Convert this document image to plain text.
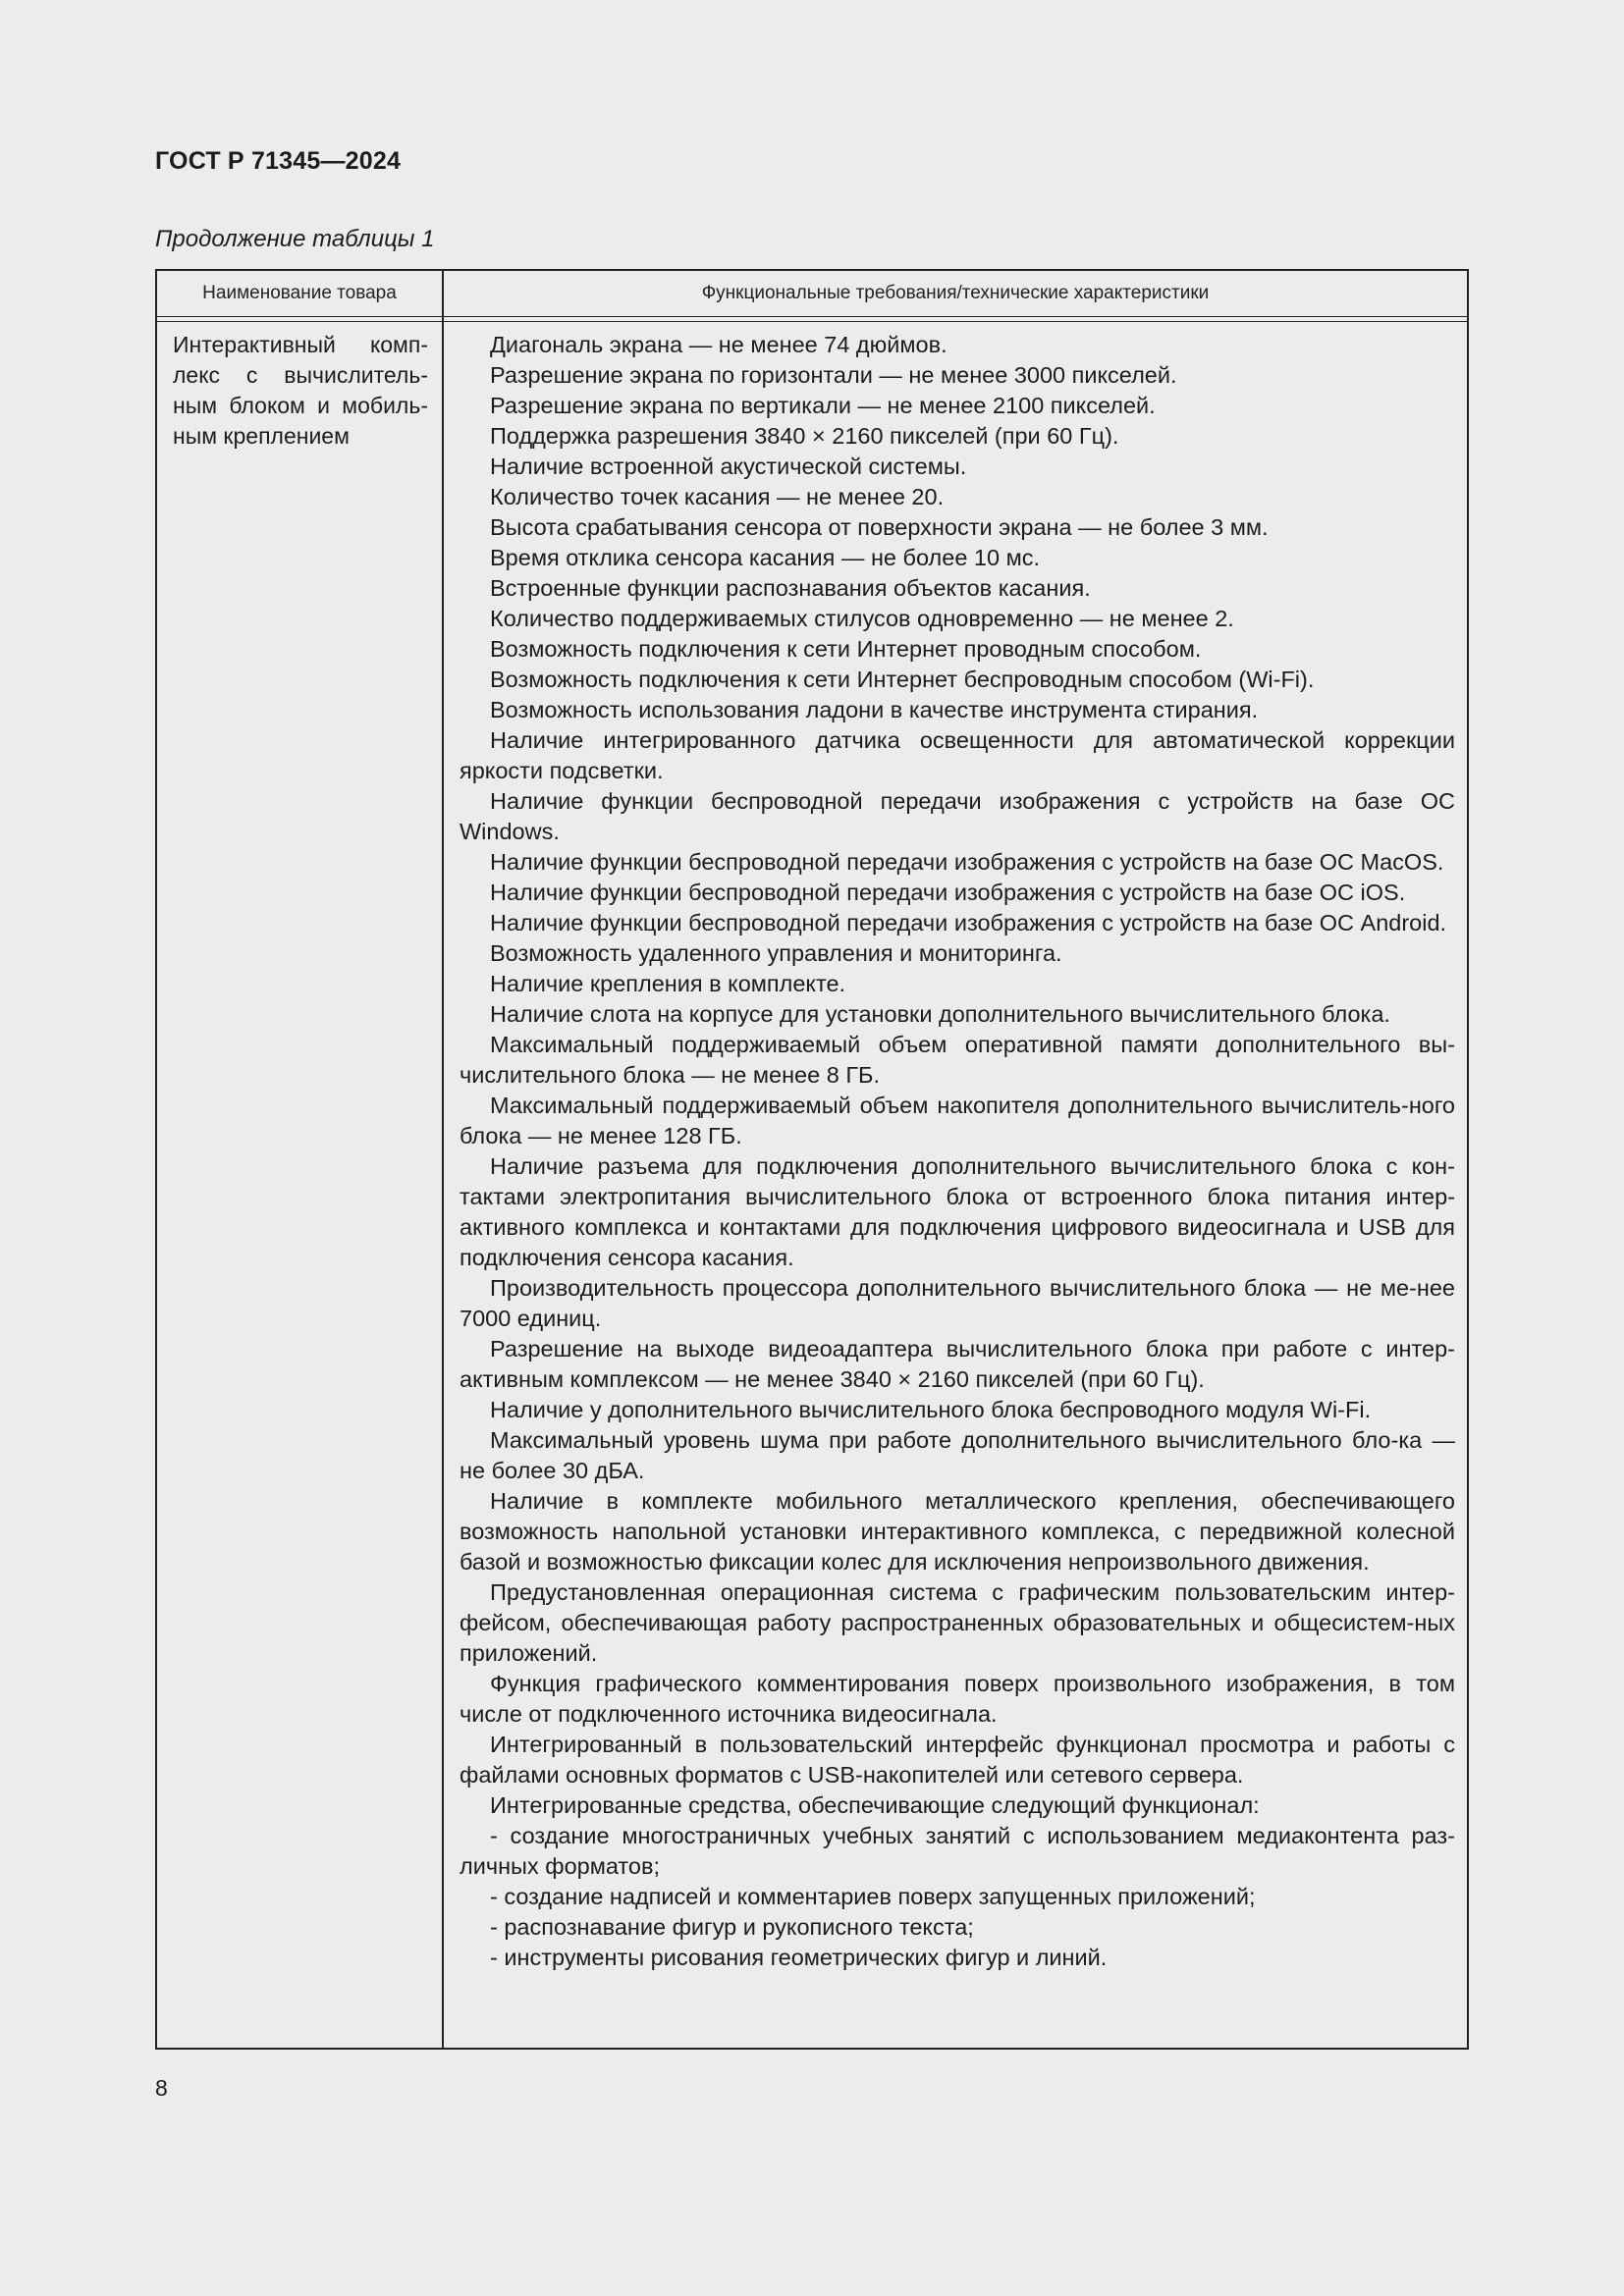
ГОСТ Р 71345—2024
Продолжение таблицы 1
Наименование товара	Функциональные требования/технические характеристики
Интерактивный комп-лекс с вычислитель-ным блоком и мобиль-ным креплением

Диагональ экрана — не менее 74 дюймов.

Разрешение экрана по горизонтали — не менее 3000 пикселей.

Разрешение экрана по вертикали — не менее 2100 пикселей.

Поддержка разрешения 3840 × 2160 пикселей (при 60 Гц).

Наличие встроенной акустической системы.

Количество точек касания — не менее 20.

Высота срабатывания сенсора от поверхности экрана — не более 3 мм.

Время отклика сенсора касания — не более 10 мс.

Встроенные функции распознавания объектов касания.

Количество поддерживаемых стилусов одновременно — не менее 2.

Возможность подключения к сети Интернет проводным способом.

Возможность подключения к сети Интернет беспроводным способом (Wi-Fi).

Возможность использования ладони в качестве инструмента стирания.

Наличие интегрированного датчика освещенности для автоматической коррекции яркости подсветки.

Наличие функции беспроводной передачи изображения с устройств на базе ОС Windows.

Наличие функции беспроводной передачи изображения с устройств на базе ОС MacOS.

Наличие функции беспроводной передачи изображения с устройств на базе ОС iOS.

Наличие функции беспроводной передачи изображения с устройств на базе ОС Android.

Возможность удаленного управления и мониторинга.

Наличие крепления в комплекте.

Наличие слота на корпусе для установки дополнительного вычислительного блока.

Максимальный поддерживаемый объем оперативной памяти дополнительного вы-числительного блока — не менее 8 ГБ.

Максимальный поддерживаемый объем накопителя дополнительного вычислитель-ного блока — не менее 128 ГБ.

Наличие разъема для подключения дополнительного вычислительного блока с кон-тактами электропитания вычислительного блока от встроенного блока питания интер-активного комплекса и контактами для подключения цифрового видеосигнала и USB для подключения сенсора касания.

Производительность процессора дополнительного вычислительного блока — не ме-нее 7000 единиц.

Разрешение на выходе видеоадаптера вычислительного блока при работе с интер-активным комплексом — не менее 3840 × 2160 пикселей (при 60 Гц).

Наличие у дополнительного вычислительного блока беспроводного модуля Wi-Fi.

Максимальный уровень шума при работе дополнительного вычислительного бло-ка — не более 30 дБА.

Наличие в комплекте мобильного металлического крепления, обеспечивающего возможность напольной установки интерактивного комплекса, с передвижной колесной базой и возможностью фиксации колес для исключения непроизвольного движения.

Предустановленная операционная система с графическим пользовательским интер-фейсом, обеспечивающая работу распространенных образовательных и общесистем-ных приложений.

Функция графического комментирования поверх произвольного изображения, в том числе от подключенного источника видеосигнала.

Интегрированный в пользовательский интерфейс функционал просмотра и работы с файлами основных форматов с USB-накопителей или сетевого сервера.

Интегрированные средства, обеспечивающие следующий функционал:

- создание многостраничных учебных занятий с использованием медиаконтента раз-личных форматов;

- создание надписей и комментариев поверх запущенных приложений;

- распознавание фигур и рукописного текста;

- инструменты рисования геометрических фигур и линий.

8
